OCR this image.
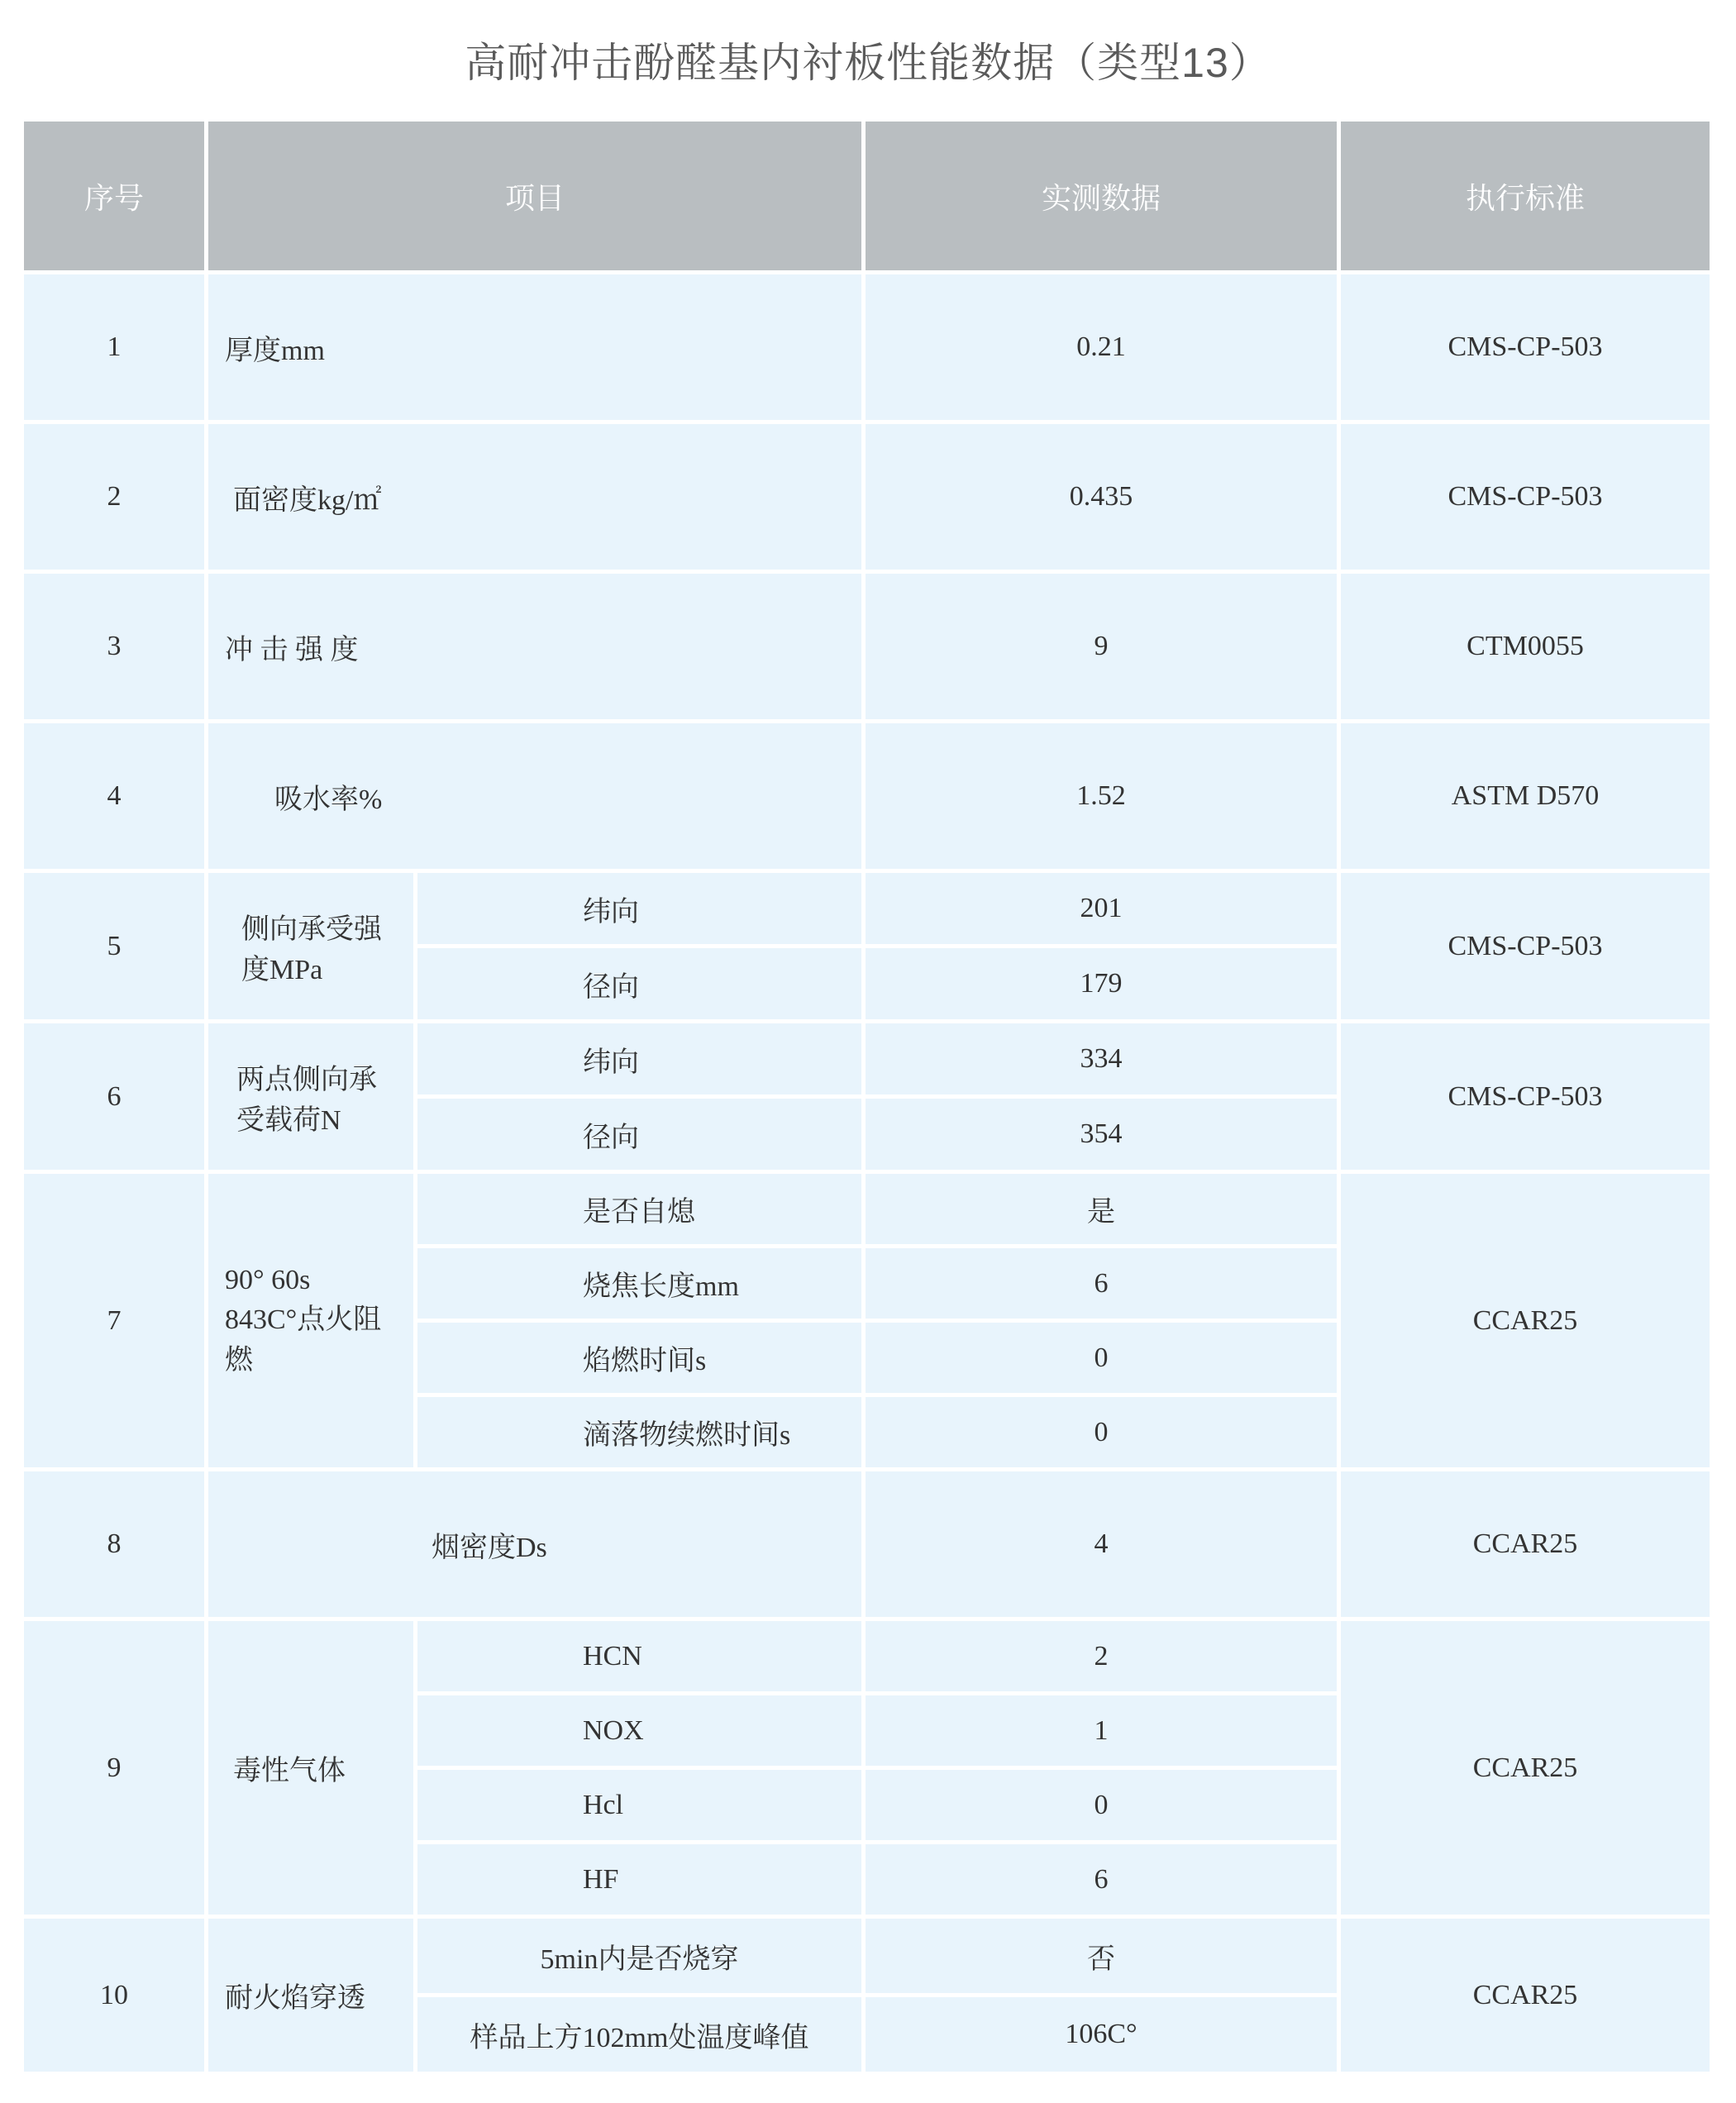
高耐冲击酚醛基内衬板性能数据（类型13）
序号	项目		实测数据	执行标准
1	厚度mm		0.21	CMS-CP-503
2	面密度kg/㎡		0.435	CMS-CP-503
3	冲 击 强 度		9	CTM0055
4	吸水率%		1.52	ASTM D570
5	侧向承受强度MPa	纬向	201	CMS-CP-503
		径向	179	
6	两点侧向承受载荷N	纬向	334	CMS-CP-503
		径向	354	
7	90° 60s 843C°点火阻燃	是否自熄	是	CCAR25
		烧焦长度mm	6	
		焰燃时间s	0	
		滴落物续燃时间s	0	
8	烟密度Ds		4	CCAR25
9	毒性气体	HCN	2	CCAR25
		NOX	1	
		Hcl	0	
		HF	6	
10	耐火焰穿透	5min内是否烧穿	否	CCAR25
		样品上方102mm处温度峰值	106C°	
